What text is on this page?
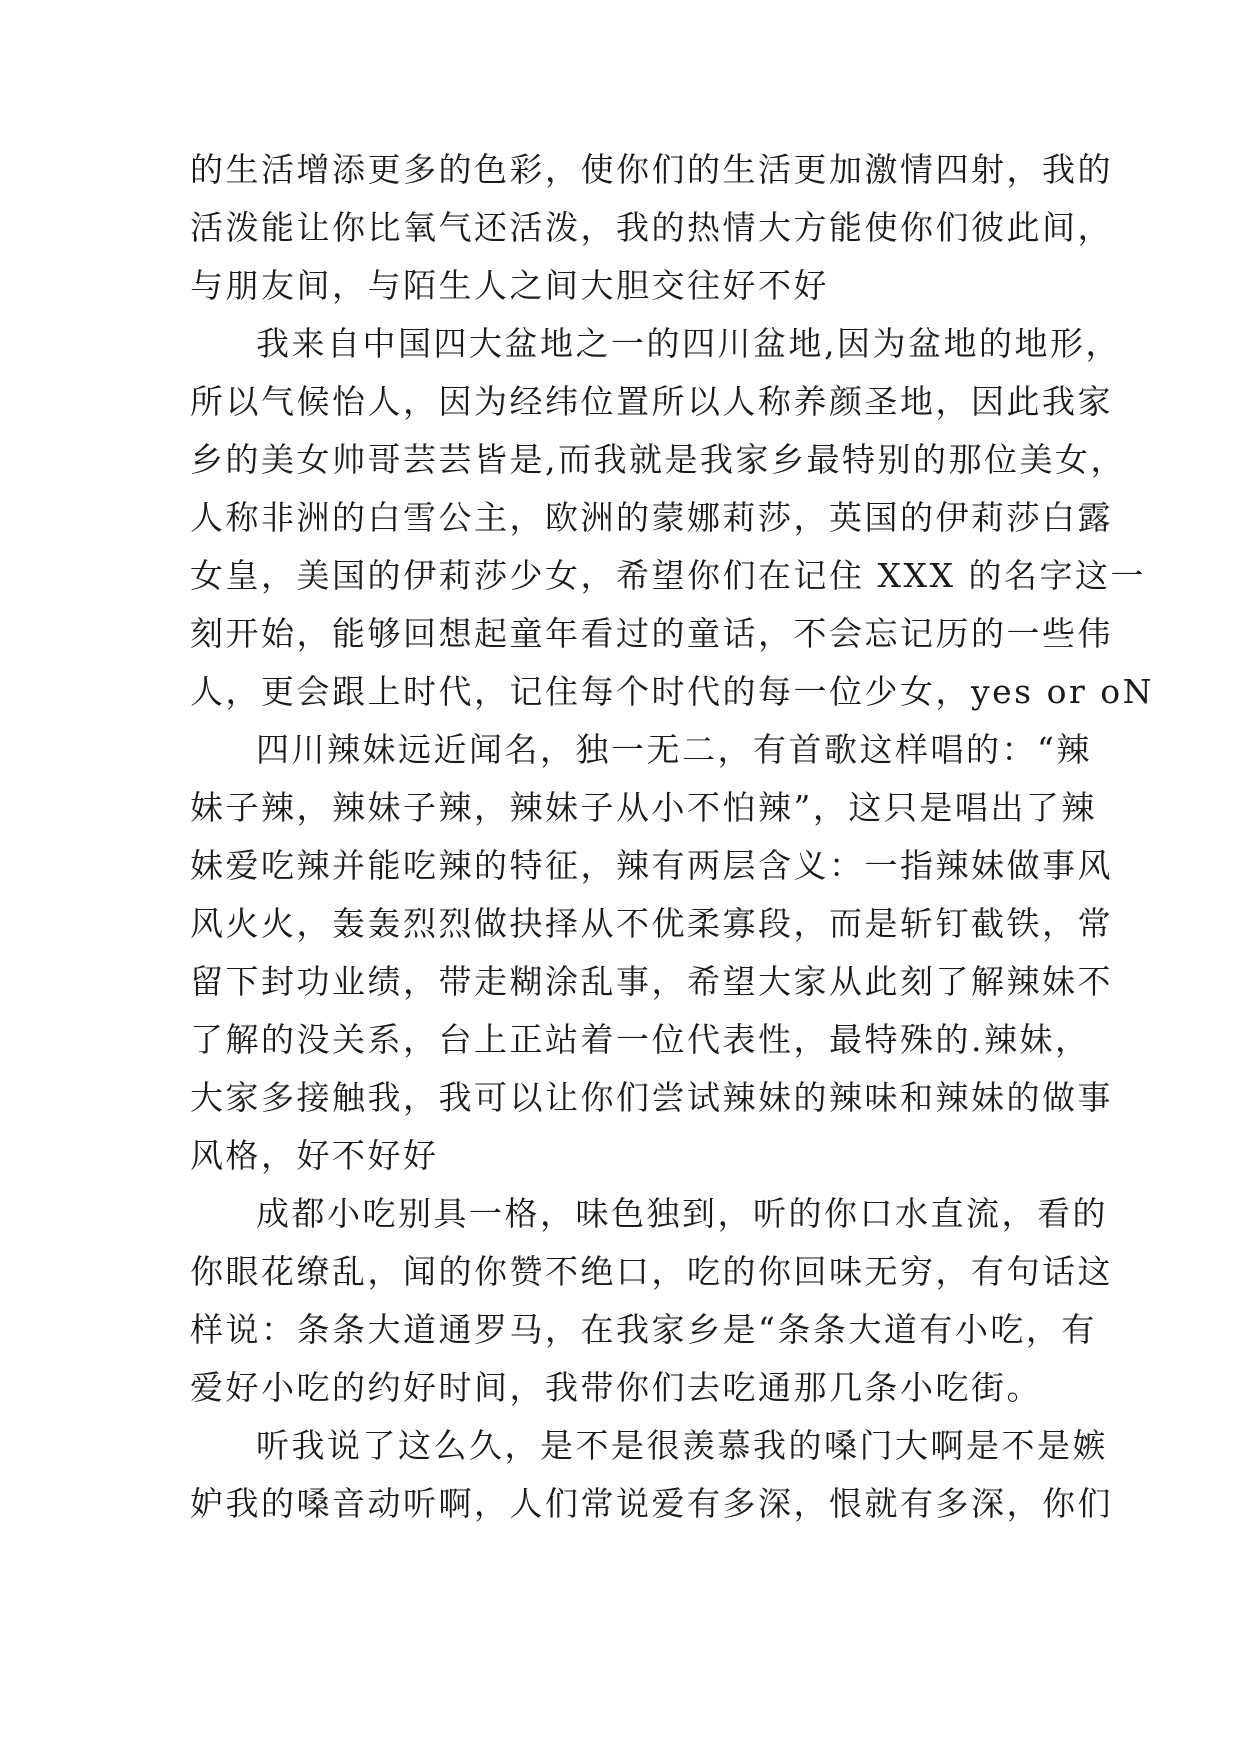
的生活增添更多的色彩，使你们的生活更加激情四射，我的
活泼能让你比氧气还活泼，我的热情大方能使你们彼此间，
与朋友间，与陌生人之间大胆交往好不好
我来自中国四大盆地之一的四川盆地,因为盆地的地形，
所以气候怡人，因为经纬位置所以人称养颜圣地，因此我家
乡的美女帅哥芸芸皆是,而我就是我家乡最特别的那位美女，
人称非洲的白雪公主，欧洲的蒙娜莉莎，英国的伊莉莎白露
女皇，美国的伊莉莎少女，希望你们在记住 XXX 的名字这一
刻开始，能够回想起童年看过的童话，不会忘记历的一些伟
人，更会跟上时代，记住每个时代的每一位少女，yes or oN
四川辣妹远近闻名，独一无二，有首歌这样唱的：“辣
妹子辣，辣妹子辣，辣妹子从小不怕辣”，这只是唱出了辣
妹爱吃辣并能吃辣的特征，辣有两层含义：一指辣妹做事风
风火火，轰轰烈烈做抉择从不优柔寡段，而是斩钉截铁，常
留下封功业绩，带走糊涂乱事，希望大家从此刻了解辣妹不
了解的没关系，台上正站着一位代表性，最特殊的.辣妹，
大家多接触我，我可以让你们尝试辣妹的辣味和辣妹的做事
风格，好不好好
成都小吃别具一格，味色独到，听的你口水直流，看的
你眼花缭乱，闻的你赞不绝口，吃的你回味无穷，有句话这
样说：条条大道通罗马，在我家乡是“条条大道有小吃，有
爱好小吃的约好时间，我带你们去吃通那几条小吃街。
听我说了这么久，是不是很羡慕我的嗓门大啊是不是嫉
妒我的嗓音动听啊，人们常说爱有多深，恨就有多深，你们
